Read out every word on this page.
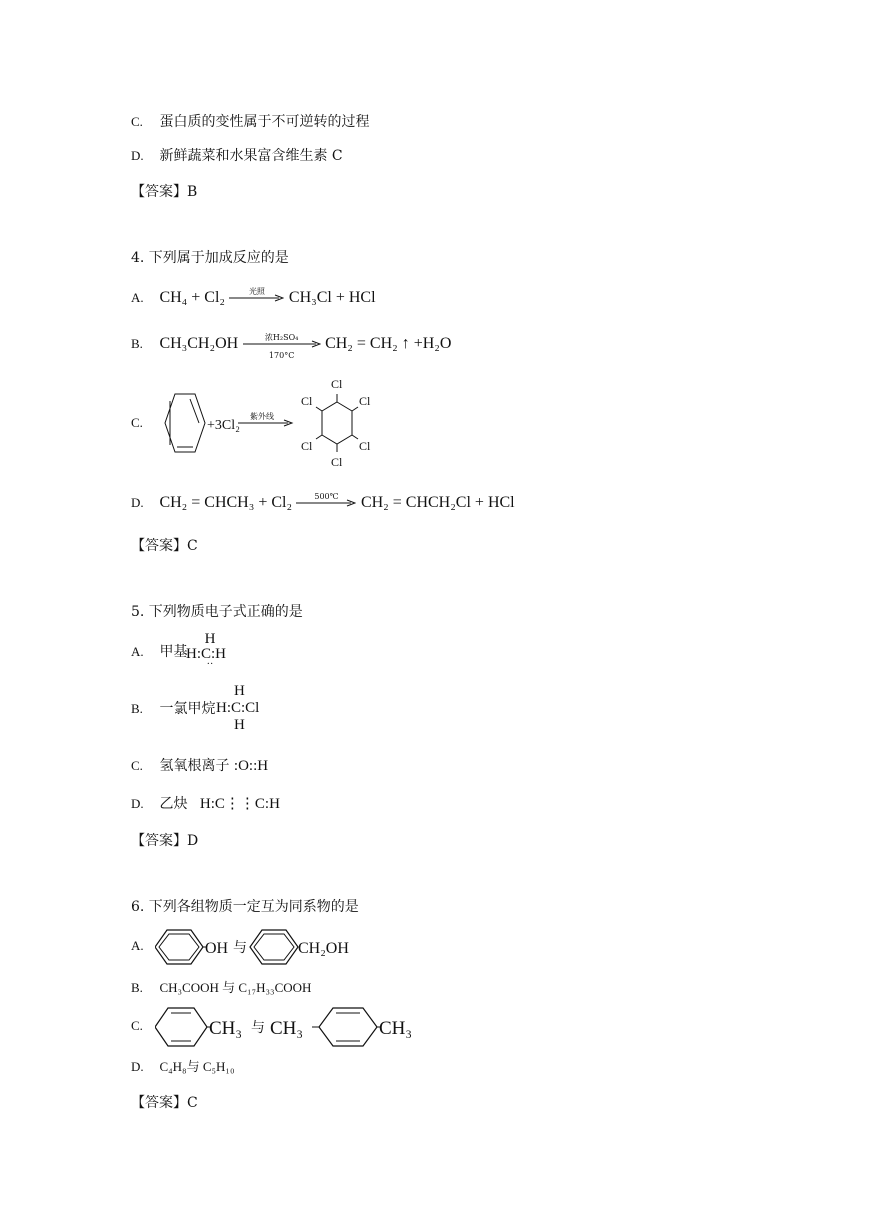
C. 蛋白质的变性属于不可逆转的过程
D. 新鲜蔬菜和水果富含维生素 C
【答案】B
4. 下列属于加成反应的是
A. CH₄ + Cl₂	光照	CH₃Cl + HCl
B. CH₃CH₂OH	浓H₂SO₄
170°C
CH₂ = CH₂ ↑ +H₂O
C.	+3Cl₂
紫外线
Cl
Cl
Cl
Cl
Cl
Cl
D. CH₂ = CHCH₃ + Cl₂	500℃	CH₂ = CHCH₂Cl + HCl
【答案】C
5. 下列物质电子式正确的是
A. 甲基
H
H:C:H
··
B. 一氯甲烷
H
H:C:Cl
H
C. 氢氧根离子 :O::H
D. 乙炔 H:C⋮⋮C:H
【答案】D
6. 下列各组物质一定互为同系物的是
A.	OH 与	CH₂OH
B. CH₃COOH 与 C₁₇H₃₃COOH
C.	CH₃ 与 CH₃	CH₃
D. C₄H₈与 C₅H₁₀
【答案】C
